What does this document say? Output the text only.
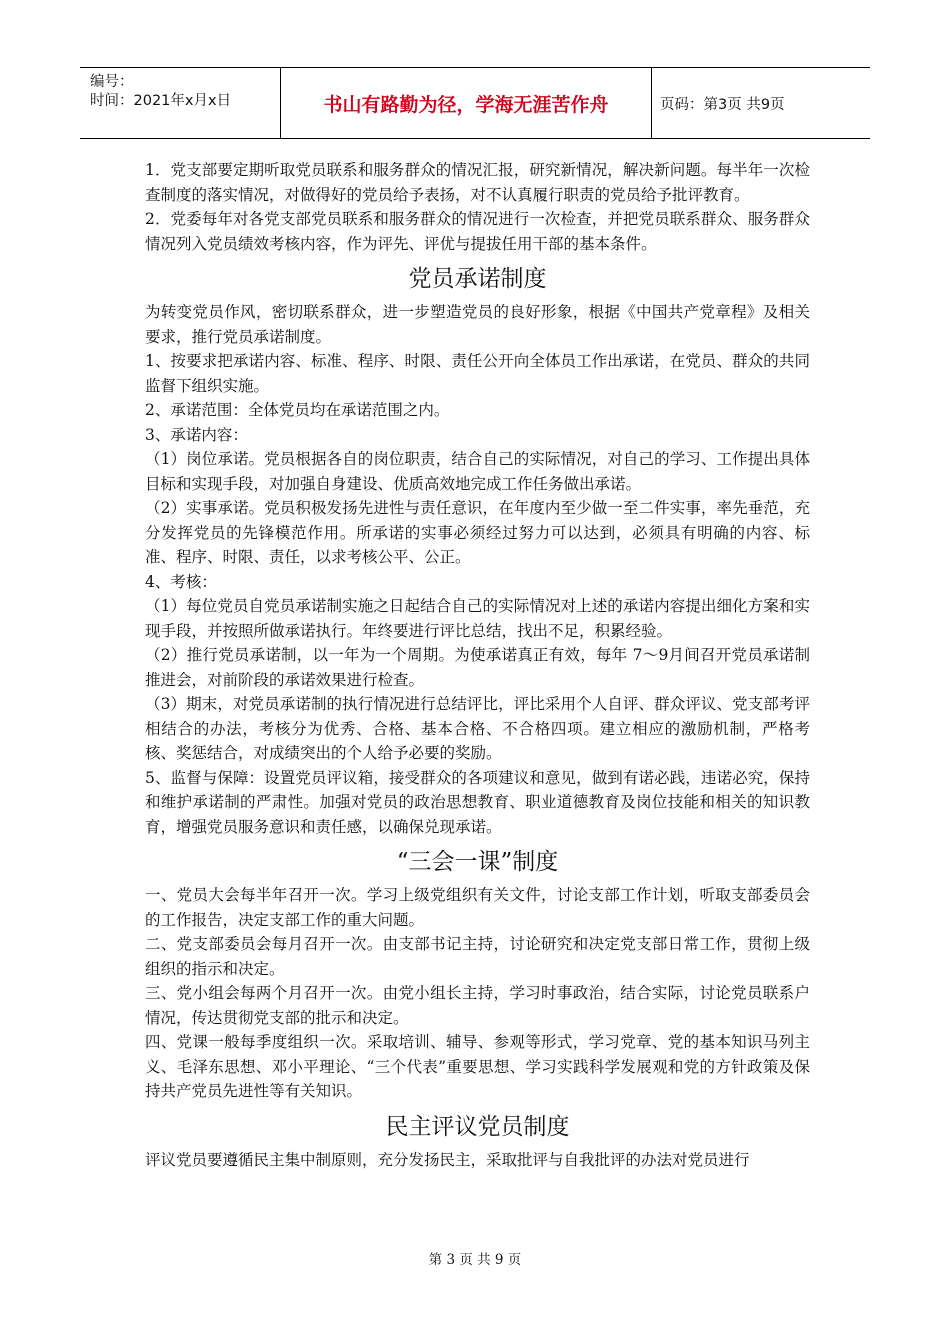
编号：
时间：2021年x月x日	书山有路勤为径，学海无涯苦作舟	页码：第3页 共9页

1．党支部要定期听取党员联系和服务群众的情况汇报，研究新情况，解决新问题。每半年一次检查制度的落实情况，对做得好的党员给予表扬，对不认真履行职责的党员给予批评教育。

2．党委每年对各党支部党员联系和服务群众的情况进行一次检查，并把党员联系群众、服务群众情况列入党员绩效考核内容，作为评先、评优与提拔任用干部的基本条件。

党员承诺制度

为转变党员作风，密切联系群众，进一步塑造党员的良好形象，根据《中国共产党章程》及相关要求，推行党员承诺制度。

1、按要求把承诺内容、标准、程序、时限、责任公开向全体员工作出承诺，在党员、群众的共同监督下组织实施。

2、承诺范围：全体党员均在承诺范围之内。

3、承诺内容：

（1）岗位承诺。党员根据各自的岗位职责，结合自己的实际情况，对自己的学习、工作提出具体目标和实现手段，对加强自身建设、优质高效地完成工作任务做出承诺。

（2）实事承诺。党员积极发扬先进性与责任意识，在年度内至少做一至二件实事，率先垂范，充分发挥党员的先锋模范作用。所承诺的实事必须经过努力可以达到，必须具有明确的内容、标准、程序、时限、责任，以求考核公平、公正。

4、考核：

（1）每位党员自党员承诺制实施之日起结合自己的实际情况对上述的承诺内容提出细化方案和实现手段，并按照所做承诺执行。年终要进行评比总结，找出不足，积累经验。

（2）推行党员承诺制，以一年为一个周期。为使承诺真正有效，每年 7～9月间召开党员承诺制推进会，对前阶段的承诺效果进行检查。

（3）期末，对党员承诺制的执行情况进行总结评比，评比采用个人自评、群众评议、党支部考评相结合的办法，考核分为优秀、合格、基本合格、不合格四项。建立相应的激励机制，严格考核、奖惩结合，对成绩突出的个人给予必要的奖励。

5、监督与保障：设置党员评议箱，接受群众的各项建议和意见，做到有诺必践，违诺必究，保持和维护承诺制的严肃性。加强对党员的政治思想教育、职业道德教育及岗位技能和相关的知识教育，增强党员服务意识和责任感，以确保兑现承诺。

“三会一课”制度

一、党员大会每半年召开一次。学习上级党组织有关文件，讨论支部工作计划，听取支部委员会的工作报告，决定支部工作的重大问题。

二、党支部委员会每月召开一次。由支部书记主持，讨论研究和决定党支部日常工作，贯彻上级组织的指示和决定。

三、党小组会每两个月召开一次。由党小组长主持，学习时事政治，结合实际，讨论党员联系户情况，传达贯彻党支部的批示和决定。

四、党课一般每季度组织一次。采取培训、辅导、参观等形式，学习党章、党的基本知识马列主义、毛泽东思想、邓小平理论、“三个代表”重要思想、学习实践科学发展观和党的方针政策及保持共产党员先进性等有关知识。

民主评议党员制度

评议党员要遵循民主集中制原则，充分发扬民主，采取批评与自我批评的办法对党员进行

第 3 页 共 9 页
